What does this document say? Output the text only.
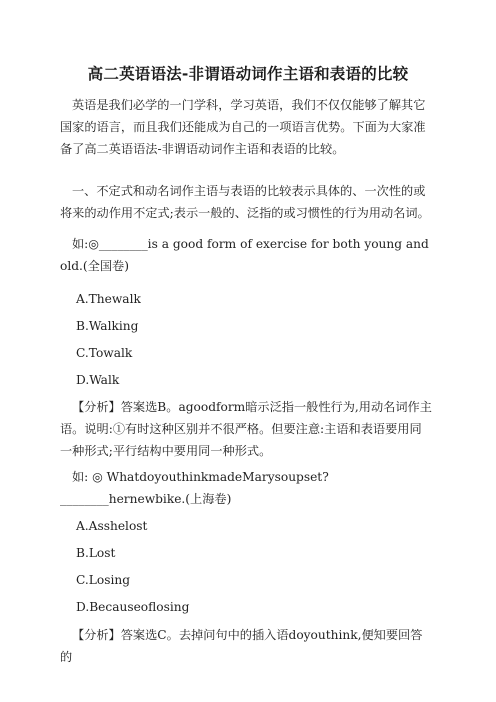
高二英语语法-非谓语动词作主语和表语的比较

英语是我们必学的一门学科，学习英语，我们不仅仅能够了解其它国家的语言，而且我们还能成为自己的一项语言优势。下面为大家准备了高二英语语法-非谓语动词作主语和表语的比较。

一、不定式和动名词作主语与表语的比较表示具体的、一次性的或将来的动作用不定式;表示一般的、泛指的或习惯性的行为用动名词。

如:◎________is a good form of exercise for both young and old.(全国卷)

A.Thewalk

B.Walking

C.Towalk

D.Walk

【分析】答案选B。agoodform暗示泛指一般性行为,用动名词作主语。说明:①有时这种区别并不很严格。但要注意:主语和表语要用同一种形式;平行结构中要用同一种形式。

如: ◎ WhatdoyouthinkmadeMarysoupset?________hernewbike.(上海卷)

A.Asshelost

B.Lost

C.Losing

D.Becauseoflosing

【分析】答案选C。去掉问句中的插入语doyouthink,便知要回答的
